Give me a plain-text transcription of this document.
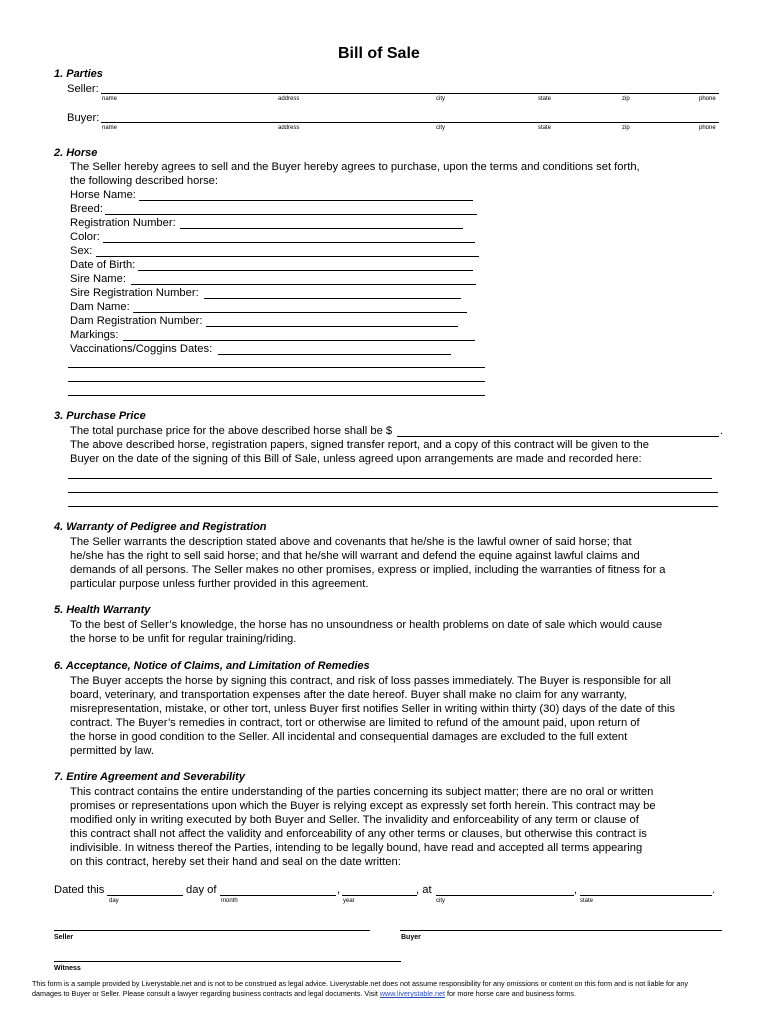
Bill of Sale
1. Parties
Seller:
name	address	city	state	zip	phone
Buyer:
name	address	city	state	zip	phone
2. Horse
The Seller hereby agrees to sell and the Buyer hereby agrees to purchase, upon the terms and conditions set forth,
the following described horse:
Horse Name:
Breed:
Registration Number:
Color:
Sex:
Date of Birth:
Sire Name:
Sire Registration Number:
Dam Name:
Dam Registration Number:
Markings:
Vaccinations/Coggins Dates:
3. Purchase Price
The total purchase price for the above described horse shall be $	.
The above described horse, registration papers, signed transfer report, and a copy of this contract will be given to the
Buyer on the date of the signing of this Bill of Sale, unless agreed upon arrangements are made and recorded here:
4. Warranty of Pedigree and Registration
The Seller warrants the description stated above and covenants that he/she is the lawful owner of said horse; that
he/she has the right to sell said horse; and that he/she will warrant and defend the equine against lawful claims and
demands of all persons. The Seller makes no other promises, express or implied, including the warranties of fitness for a
particular purpose unless further provided in this agreement.
5. Health Warranty
To the best of Seller’s knowledge, the horse has no unsoundness or health problems on date of sale which would cause
the horse to be unfit for regular training/riding.
6. Acceptance, Notice of Claims, and Limitation of Remedies
The Buyer accepts the horse by signing this contract, and risk of loss passes immediately. The Buyer is responsible for all
board, veterinary, and transportation expenses after the date hereof. Buyer shall make no claim for any warranty,
misrepresentation, mistake, or other tort, unless Buyer first notifies Seller in writing within thirty (30) days of the date of this
contract. The Buyer’s remedies in contract, tort or otherwise are limited to refund of the amount paid, upon return of
the horse in good condition to the Seller. All incidental and consequential damages are excluded to the full extent
permitted by law.
7. Entire Agreement and Severability
This contract contains the entire understanding of the parties concerning its subject matter; there are no oral or written
promises or representations upon which the Buyer is relying except as expressly set forth herein. This contract may be
modified only in writing executed by both Buyer and Seller. The invalidity and enforceability of any term or clause of
this contract shall not affect the validity and enforceability of any other terms or clauses, but otherwise this contract is
indivisible. In witness thereof the Parties, intending to be legally bound, have read and accepted all terms appearing
on this contract, hereby set their hand and seal on the date written:
Dated this	day of	,	, at	,	.
day	month	year	city	state
Seller	Buyer
Witness
This form is a sample provided by Liverystable.net and is not to be construed as legal advice. Liverystable.net does not assume responsibility for any omissions or content on this form and is not liable for any
damages to Buyer or Seller. Please consult a lawyer regarding business contracts and legal documents. Visit www.liverystable.net for more horse care and business forms.
